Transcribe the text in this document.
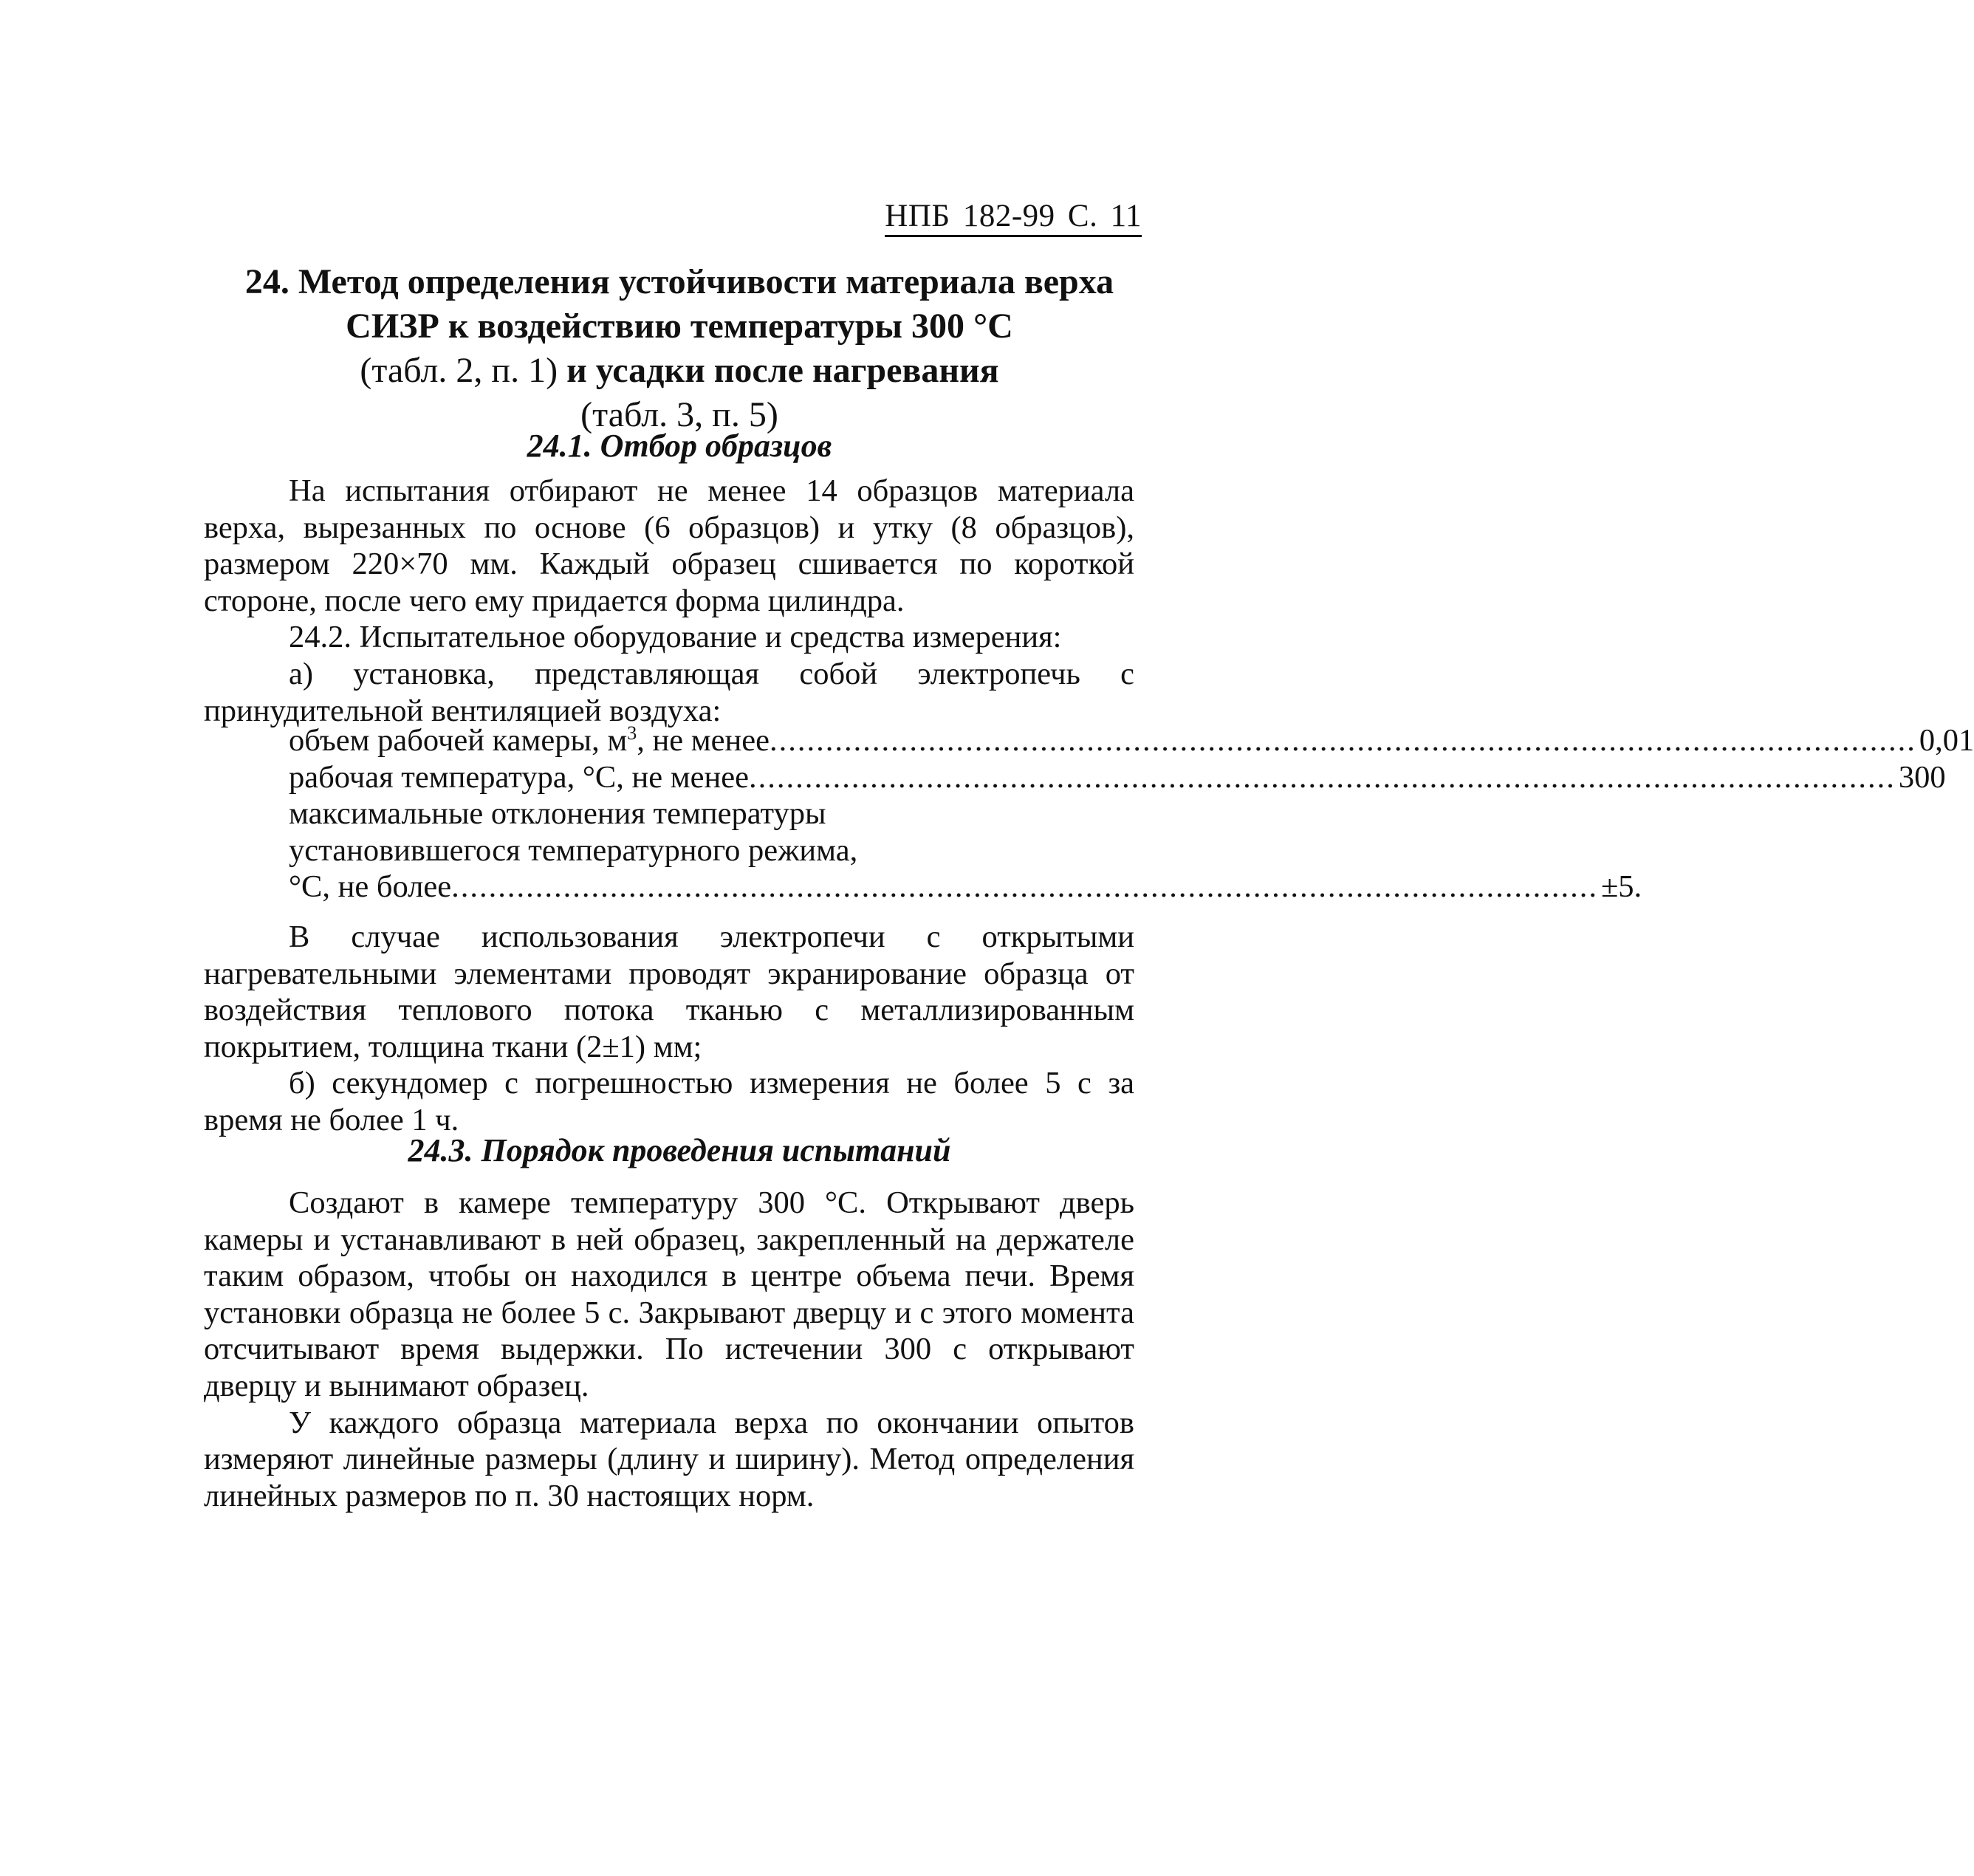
НПБ 182-99 С. 11
24. Метод определения устойчивости материала верха
СИЗР к воздействию температуры 300 °С
(табл. 2, п. 1) и усадки после нагревания
(табл. 3, п. 5)
24.1. Отбор образцов

На испытания отбирают не менее 14 образцов материала верха, вырезанных по основе (6 образцов) и утку (8 образцов), размером 220×70 мм. Каждый образец сшивается по короткой стороне, после чего ему придается форма цилиндра.

24.2. Испытательное оборудование и средства измерения:

а) установка, представляющая собой электропечь с принудительной вентиляцией воздуха:

объем рабочей камеры, $м^3$, не менее ........................................................................................................................... 0,01
рабочая температура, °С, не менее ........................................................................................................................... 300
максимальные отклонения температуры
установившегося температурного режима,
°С, не более ........................................................................................................................... ±5.

В случае использования электропечи с открытыми нагревательными элементами проводят экранирование образца от воздействия теплового потока тканью с металлизированным покрытием, толщина ткани (2±1) мм;

б) секундомер с погрешностью измерения не более 5 с за время не более 1 ч.

24.3. Порядок проведения испытаний

Создают в камере температуру 300 °С. Открывают дверь камеры и устанавливают в ней образец, закрепленный на держателе таким образом, чтобы он находился в центре объема печи. Время установки образца не более 5 с. Закрывают дверцу и с этого момента отсчитывают время выдержки. По истечении 300 с открывают дверцу и вынимают образец.

У каждого образца материала верха по окончании опытов измеряют линейные размеры (длину и ширину). Метод определения линейных размеров по п. 30 настоящих норм.
